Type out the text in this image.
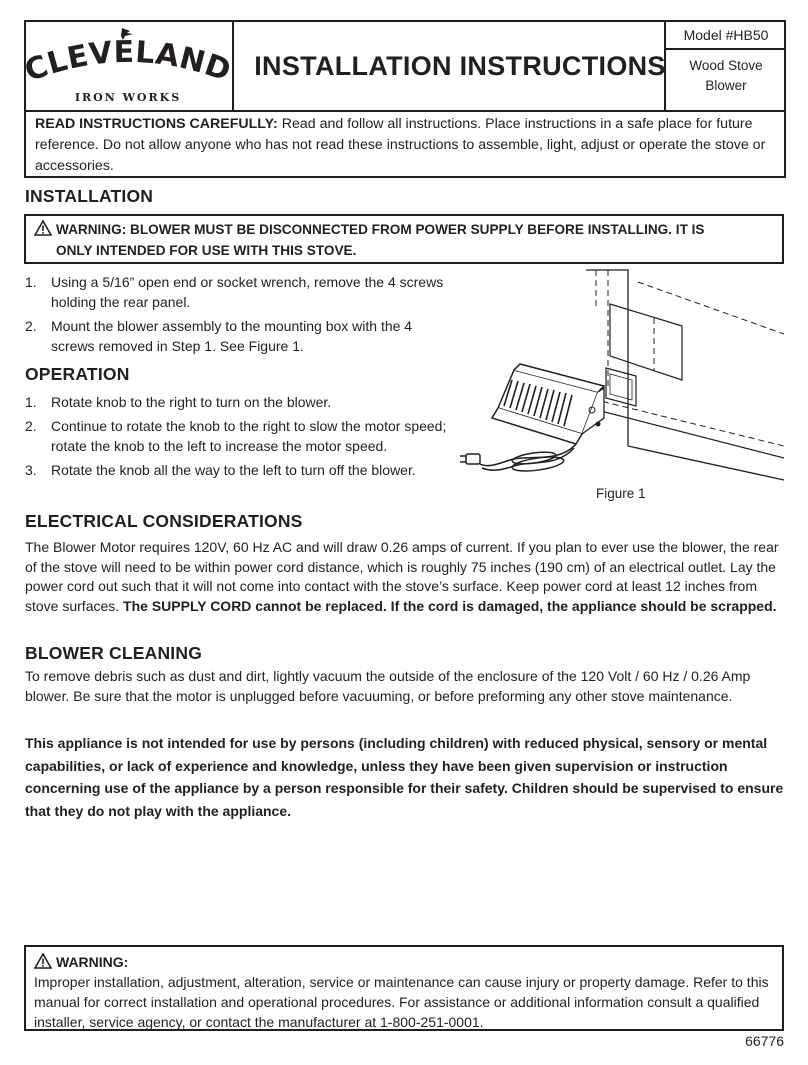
LEVELAN
IRON WORKS
INSTALLATION INSTRUCTIONS
Model #HB50
Wood Stove
Blower
READ INSTRUCTIONS CAREFULLY: Read and follow all instructions. Place instructions in a safe place for future reference. Do not allow anyone who has not read these instructions to assemble, light, adjust or operate the stove or accessories.
INSTALLATION
WARNING: BLOWER MUST BE DISCONNECTED FROM POWER SUPPLY BEFORE INSTALLING. IT IS
ONLY INTENDED FOR USE WITH THIS STOVE.
1. Using a 5/16” open end or socket wrench, remove the 4 screws holding the rear panel.
2. Mount the blower assembly to the mounting box with the 4 screws removed in Step 1. See Figure 1.
OPERATION
1. Rotate knob to the right to turn on the blower.
2. Continue to rotate the knob to the right to slow the motor speed; rotate the knob to the left to increase the motor speed.
3. Rotate the knob all the way to the left to turn off the blower.
Figure 1
ELECTRICAL CONSIDERATIONS
The Blower Motor requires 120V, 60 Hz AC and will draw 0.26 amps of current. If you plan to ever use the blower, the rear of the stove will need to be within power cord distance, which is roughly 75 inches (190 cm) of an electrical outlet. Lay the power cord out such that it will not come into contact with the stove’s surface. Keep power cord at least 12 inches from stove surfaces. The SUPPLY CORD cannot be replaced. If the cord is damaged, the appliance should be scrapped.
BLOWER CLEANING
To remove debris such as dust and dirt, lightly vacuum the outside of the enclosure of the 120 Volt / 60 Hz / 0.26 Amp blower. Be sure that the motor is unplugged before vacuuming, or before preforming any other stove maintenance.
This appliance is not intended for use by persons (including children) with reduced physical, sensory or mental capabilities, or lack of experience and knowledge, unless they have been given supervision or instruction concerning use of the appliance by a person responsible for their safety. Children should be supervised to ensure that they do not play with the appliance.
WARNING:
Improper installation, adjustment, alteration, service or maintenance can cause injury or property damage. Refer to this manual for correct installation and operational procedures. For assistance or additional information consult a qualified installer, service agency, or contact the manufacturer at 1-800-251-0001.
66776
